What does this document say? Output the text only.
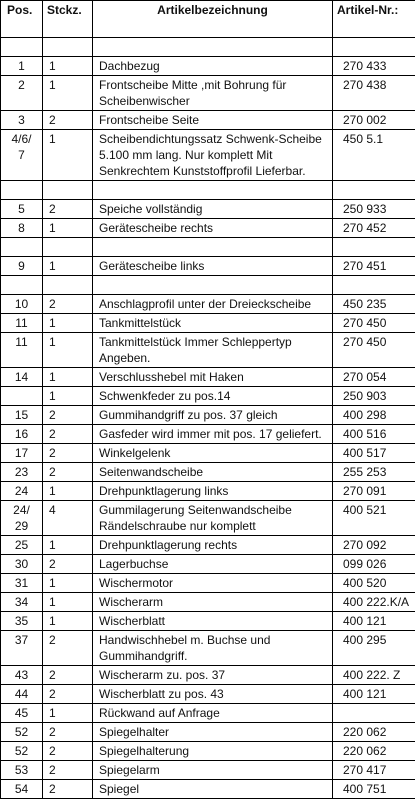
Pos.	Stckz.	Artikelbezeichnung	Artikel-Nr.:

1	1	Dachbezug	270 433
2	1	Frontscheibe Mitte ,mit Bohrung für Scheibenwischer	270 438
3	2	Frontscheibe Seite	270 002
4/6/
7	1	Scheibendichtungssatz Schwenk-Scheibe 5.100 mm lang. Nur komplett Mit Senkrechtem Kunststoffprofil Lieferbar.	450 5.1

5	2	Speiche vollständig	250 933
8	1	Gerätescheibe rechts	270 452

9	1	Gerätescheibe links	270 451

10	2	Anschlagprofil unter der Dreieckscheibe	450 235
11	1	Tankmittelstück	270 450
11	1	Tankmittelstück Immer Schleppertyp Angeben.	270 450
14	1	Verschlusshebel mit Haken	270 054
	1	Schwenkfeder zu pos.14	250 903
15	2	Gummihandgriff zu pos. 37 gleich	400 298
16	2	Gasfeder wird immer mit pos. 17 geliefert.	400 516
17	2	Winkelgelenk	400 517
23	2	Seitenwandscheibe	255 253
24	1	Drehpunktlagerung links	270 091
24/
29	4	Gummilagerung Seitenwandscheibe Rändelschraube nur komplett	400 521
25	1	Drehpunktlagerung rechts	270 092
30	2	Lagerbuchse	099 026
31	1	Wischermotor	400 520
34	1	Wischerarm	400 222.K/A
35	1	Wischerblatt	400 121
37	2	Handwischhebel m. Buchse und Gummihandgriff.	400 295
43	2	Wischerarm zu. pos. 37	400 222. Z
44	2	Wischerblatt zu pos. 43	400 121
45	1	Rückwand auf Anfrage	
52	2	Spiegelhalter	220 062
52	2	Spiegelhalterung	220 062
53	2	Spiegelarm	270 417
54	2	Spiegel	400 751
